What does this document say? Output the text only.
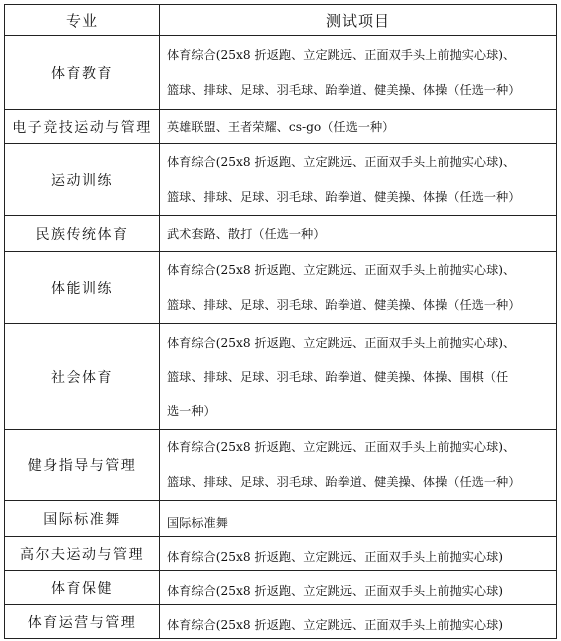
专业	测试项目
体育教育	体育综合(25x8 折返跑、立定跳远、正面双手头上前抛实心球)、
篮球、排球、足球、羽毛球、跆拳道、健美操、体操（任选一种）
电子竞技运动与管理	英雄联盟、王者荣耀、cs-go（任选一种）
运动训练	体育综合(25x8 折返跑、立定跳远、正面双手头上前抛实心球)、
篮球、排球、足球、羽毛球、跆拳道、健美操、体操（任选一种）
民族传统体育	武术套路、散打（任选一种）
体能训练	体育综合(25x8 折返跑、立定跳远、正面双手头上前抛实心球)、
篮球、排球、足球、羽毛球、跆拳道、健美操、体操（任选一种）
社会体育	体育综合(25x8 折返跑、立定跳远、正面双手头上前抛实心球)、
篮球、排球、足球、羽毛球、跆拳道、健美操、体操、围棋（任
选一种）
健身指导与管理	体育综合(25x8 折返跑、立定跳远、正面双手头上前抛实心球)、
篮球、排球、足球、羽毛球、跆拳道、健美操、体操（任选一种）
国际标准舞	国际标准舞
高尔夫运动与管理	体育综合(25x8 折返跑、立定跳远、正面双手头上前抛实心球)
体育保健	体育综合(25x8 折返跑、立定跳远、正面双手头上前抛实心球)
体育运营与管理	体育综合(25x8 折返跑、立定跳远、正面双手头上前抛实心球)
